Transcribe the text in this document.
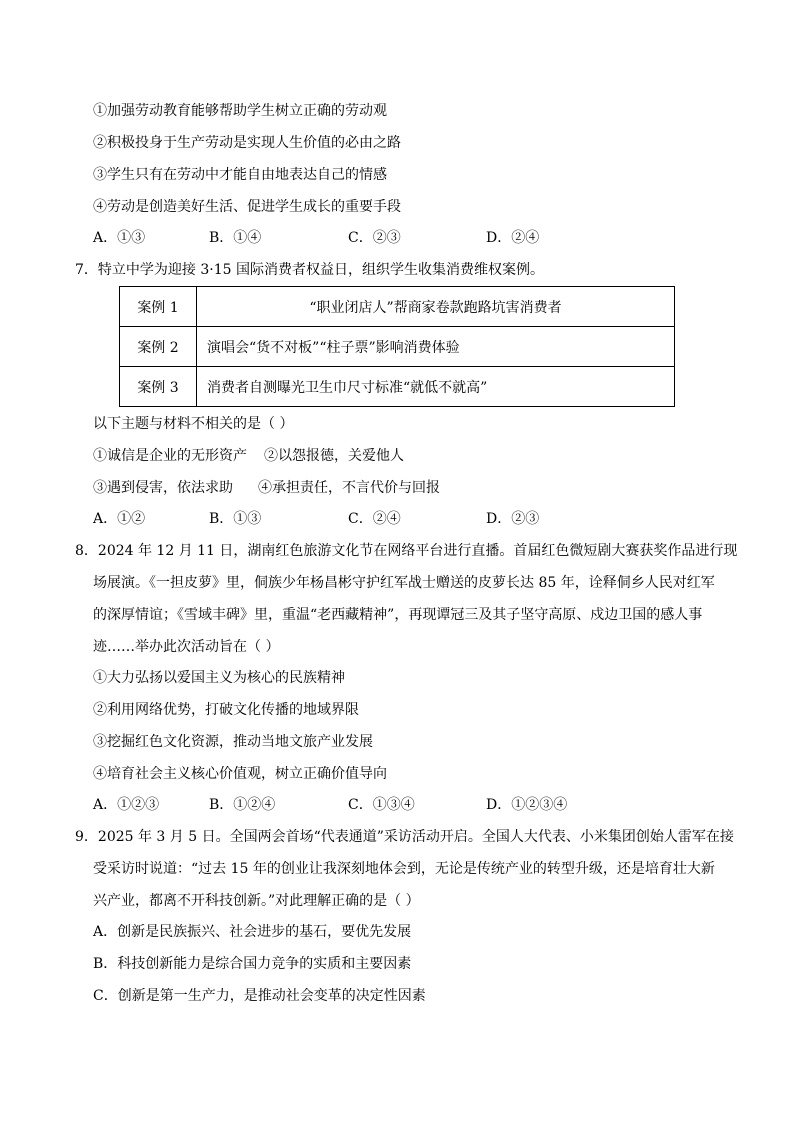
①加强劳动教育能够帮助学生树立正确的劳动观
②积极投身于生产劳动是实现人生价值的必由之路
③学生只有在劳动中才能自由地表达自己的情感
④劳动是创造美好生活、促进学生成长的重要手段
A．①③	B．①④	C．②③	D．②④
7．特立中学为迎接 3·15 国际消费者权益日，组织学生收集消费维权案例。
案例 1	“职业闭店人”帮商家卷款跑路坑害消费者
案例 2	演唱会“货不对板”“柱子票”影响消费体验
案例 3	消费者自测曝光卫生巾尺寸标准“就低不就高”
以下主题与材料不相关的是（ ）
①诚信是企业的无形资产 ②以怨报德，关爱他人
③遇到侵害，依法求助 ④承担责任，不言代价与回报
A．①②	B．①③	C．②④	D．②③
8．2024 年 12 月 11 日，湖南红色旅游文化节在网络平台进行直播。首届红色微短剧大赛获奖作品进行现
场展演。《一担皮萝》里，侗族少年杨昌彬守护红军战士赠送的皮萝长达 85 年，诠释侗乡人民对红军
的深厚情谊；《雪域丰碑》里，重温“老西藏精神”，再现谭冠三及其子坚守高原、戍边卫国的感人事
迹……举办此次活动旨在（ ）
①大力弘扬以爱国主义为核心的民族精神
②利用网络优势，打破文化传播的地域界限
③挖掘红色文化资源，推动当地文旅产业发展
④培育社会主义核心价值观，树立正确价值导向
A．①②③	B．①②④	C．①③④	D．①②③④
9．2025 年 3 月 5 日。全国两会首场“代表通道”采访活动开启。全国人大代表、小米集团创始人雷军在接
受采访时说道：“过去 15 年的创业让我深刻地体会到，无论是传统产业的转型升级，还是培育壮大新
兴产业，都离不开科技创新。”对此理解正确的是（ ）
A．创新是民族振兴、社会进步的基石，要优先发展
B．科技创新能力是综合国力竞争的实质和主要因素
C．创新是第一生产力，是推动社会变革的决定性因素
